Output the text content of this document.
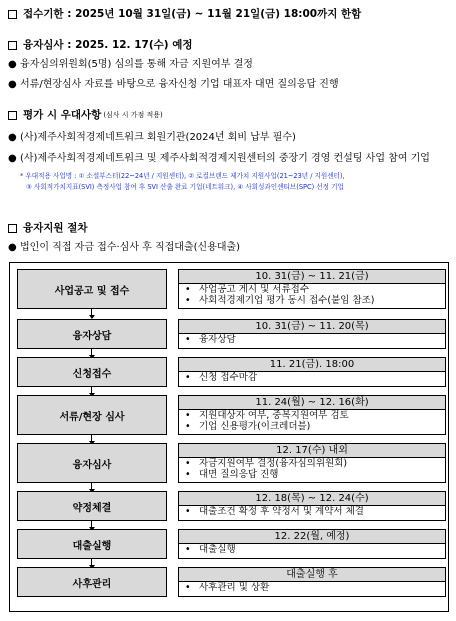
접수기한 : 2025년 10월 31일(금) ~ 11월 21일(금) 18:00까지 한함
융자심사 : 2025. 12. 17(수) 예정
● 융자심의위원회(5명) 심의를 통해 자금 지원여부 결정
● 서류/현장심사 자료를 바탕으로 융자신청 기업 대표자 대면 질의응답 진행
평가 시 우대사항 (심사 시 가점 적용)
● (사)제주사회적경제네트워크 회원기관(2024년 회비 납부 필수)
● (사)제주사회적경제네트워크 및 제주사회적경제지원센터의 중장기 경영 컨설팅 사업 참여 기업
* 우대적용 사업명 : ① 소셜부스터(22~24년 / 지원센터), ② 로컬브랜드 제가치 지원사업(21~23년 / 지원센터),
③ 사회적가치지표(SVI) 측정사업 참여 후 SVI 산출 완료 기업(네트워크), ④ 사회성과인센티브(SPC) 선정 기업
융자지원 절차
● 법인이 직접 자금 접수·심사 후 직접대출(신용대출)
사업공고 및 접수
10. 31(금) ~ 11. 21(금)
• 사업공고 게시 및 서류접수
• 사회적경제기업 평가 동시 접수(붙임 참조)
융자상담
10. 31(금) ~ 11. 20(목)
• 융자상담
신청접수
11. 21(금). 18:00
• 신청 접수마감
서류/현장 심사
11. 24(월) ~ 12. 16(화)
• 지원대상자 여부, 중복지원여부 검토
• 기업 신용평가(이크레더블)
융자심사
12. 17(수) 내외
• 자금지원여부 결정(융자심의위원회)
• 대면 질의응답 진행
약정체결
12. 18(목) ~ 12. 24(수)
• 대출조건 확정 후 약정서 및 계약서 체결
대출실행
12. 22(월, 예정)
• 대출실행
사후관리
대출실행 후
• 사후관리 및 상환
